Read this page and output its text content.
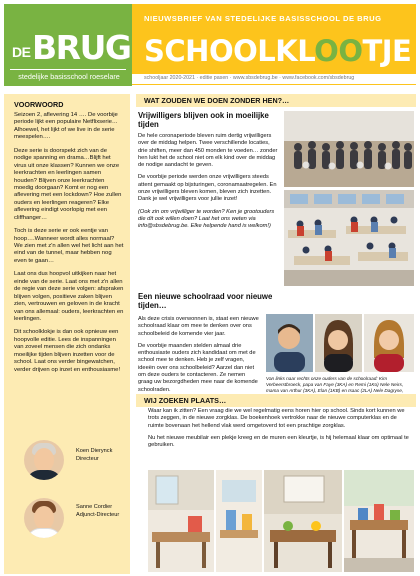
DE BRUG
stedelijke basisschool roeselare
NIEUWSBRIEF VAN STEDELIJKE BASISSCHOOL DE BRUG
SCHOOLKLOOTJE
schooljaar 2020-2021 · editie pasen · www.sbsdebrug.be · www.facebook.com/sbsdebrug
VOORWOORD

Seizoen 2, aflevering 14 …. De voorbije periode lijkt een populaire Netflixserie…Alhoewel, het lijkt of we live in de serie meespelen….

Deze serie is doorspekt zich van de nodige spanning en drama…Blijft het virus uit onze klassen? Kunnen we onze leerkrachten en leerlingen samen houden? Blijven onze leerkrachten moedig doorgaan? Komt er nog een aflevering met een lockdown? Hoe zullen ouders en leerlingen reageren? Elke aflevering eindigt voorlopig met een cliffhanger…

Toch is deze serie er ook eentje van hoop….Wanneer wordt alles normaal? We zien met z'n allen wel het licht aan het eind van de tunnel, maar hebben nog even te gaan…

Laat ons dus hoopvol uitkijken naar het einde van de serie. Laat ons met z'n allen de regie van deze serie volgen: afspraken blijven volgen, positieve zaken blijven zien, vertrouwen en geloven in de kracht van ons allemaal: ouders, leerkrachten en leerlingen.

Dit schoolklokje is dan ook opnieuw een hoopvolle editie. Lees de inspanningen van zoveel mensen die zich ondanks moeilijke tijden blijven inzetten voor de school. Laat ons verder bingewatchen, verder drijven op inzet en enthousiasme!

Koen Dierynck
Directeur
Sanne Cordier
Adjunct-Directeur
WAT ZOUDEN WE DOEN ZONDER HEN?…
Vrijwilligers blijven ook in moeilijke tijden

De hele coronaperiode bleven ruim dertig vrijwilligers over de middag helpen. Twee verschillende locaties, drie shiften, meer dan 450 monden te voeden… zonder hen lukt het de school niet om elk kind over de middag de nodige aandacht te geven.

De voorbije periode werden onze vrijwilligers steeds attent gemaakt op bijsturingen, coronamaatregelen. En onze vrijwilligers bleven komen, bleven zich inzetten. Dank je wel vrijwilligers voor jullie inzet!

(Ook zin om vrijwilliger te worden? Ken je grootouders die dit ook willen doen? Laat het ons weten via info@sbsdebrug.be. Elke helpende hand is welkom!)

Een nieuwe schoolraad voor nieuwe tijden…

Als deze crisis overwonnen is, staat een nieuwe schoolraad klaar om mee te denken over ons schoolbeleid de komende vier jaar.

De voorbije maanden stelden almaal drie enthousiaste ouders zich kandidaat om met de school mee te denken. Heb je zelf vragen, ideeën over ons schoolbeleid? Aarzel dan niet om deze ouders te contacteren. Ze nemen graag uw bezorgdheden mee naar de komende schoolraden.

Van links naar rechts onze ouders van de schoolraad: Kim Verbeerstbroeck, papa van Faye (3KA) en Remi (1Ko) Nele Neirs, mama van Arthur (3KA), Elan (1KB) en Isaac (2LA) Nele Dagryse,
WIJ ZOEKEN PLAATS…

Waar kan ik zitten? Een vraag die we wel regelmatig eens horen hier op school. Sinds kort kunnen we trots zeggen, in de nieuwe zorgklas. De boekenhoek vertrokke naar de nieuwe computerklas en de ruimte bovenaan het hellend vlak werd omgetoverd tot een prachtige zorgklas.

Nu het nieuwe meubilair een plekje kreeg en de muren een kleurtje, is hij helemaal klaar om optimaal te gebruiken.
